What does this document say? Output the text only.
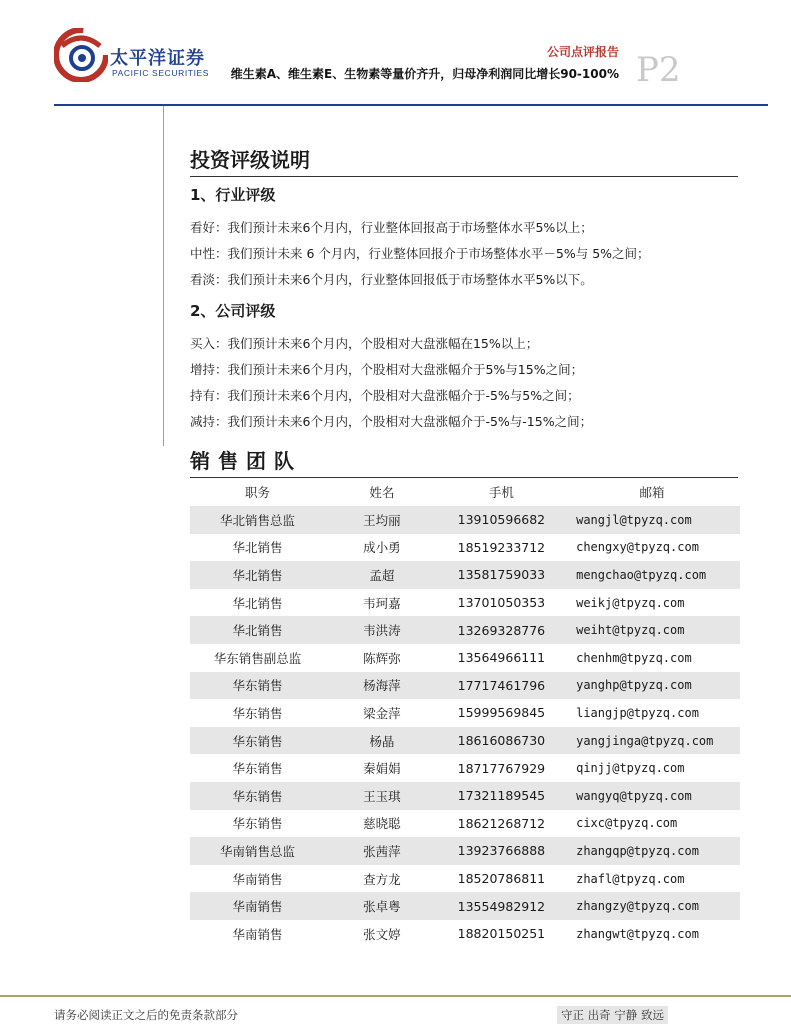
太平洋证券
PACIFIC SECURITIES
公司点评报告
维生素A、维生素E、生物素等量价齐升，归母净利润同比增长90-100% P2
投资评级说明
1、行业评级
看好：我们预计未来6个月内，行业整体回报高于市场整体水平5%以上；
中性：我们预计未来 6 个月内，行业整体回报介于市场整体水平－5%与 5%之间；
看淡：我们预计未来6个月内，行业整体回报低于市场整体水平5%以下。
2、公司评级
买入：我们预计未来6个月内，个股相对大盘涨幅在15%以上；
增持：我们预计未来6个月内，个股相对大盘涨幅介于5%与15%之间；
持有：我们预计未来6个月内，个股相对大盘涨幅介于-5%与5%之间；
减持：我们预计未来6个月内，个股相对大盘涨幅介于-5%与-15%之间；
销售团队
职务	姓名	手机	邮箱
华北销售总监	王均丽	13910596682	wangjl@tpyzq.com
华北销售	成小勇	18519233712	chengxy@tpyzq.com
华北销售	孟超	13581759033	mengchao@tpyzq.com
华北销售	韦珂嘉	13701050353	weikj@tpyzq.com
华北销售	韦洪涛	13269328776	weiht@tpyzq.com
华东销售副总监	陈辉弥	13564966111	chenhm@tpyzq.com
华东销售	杨海萍	17717461796	yanghp@tpyzq.com
华东销售	梁金萍	15999569845	liangjp@tpyzq.com
华东销售	杨晶	18616086730	yangjinga@tpyzq.com
华东销售	秦娟娟	18717767929	qinjj@tpyzq.com
华东销售	王玉琪	17321189545	wangyq@tpyzq.com
华东销售	慈晓聪	18621268712	cixc@tpyzq.com
华南销售总监	张茜萍	13923766888	zhangqp@tpyzq.com
华南销售	查方龙	18520786811	zhafl@tpyzq.com
华南销售	张卓粤	13554982912	zhangzy@tpyzq.com
华南销售	张文婷	18820150251	zhangwt@tpyzq.com
请务必阅读正文之后的免责条款部分	守正 出奇 宁静 致远
